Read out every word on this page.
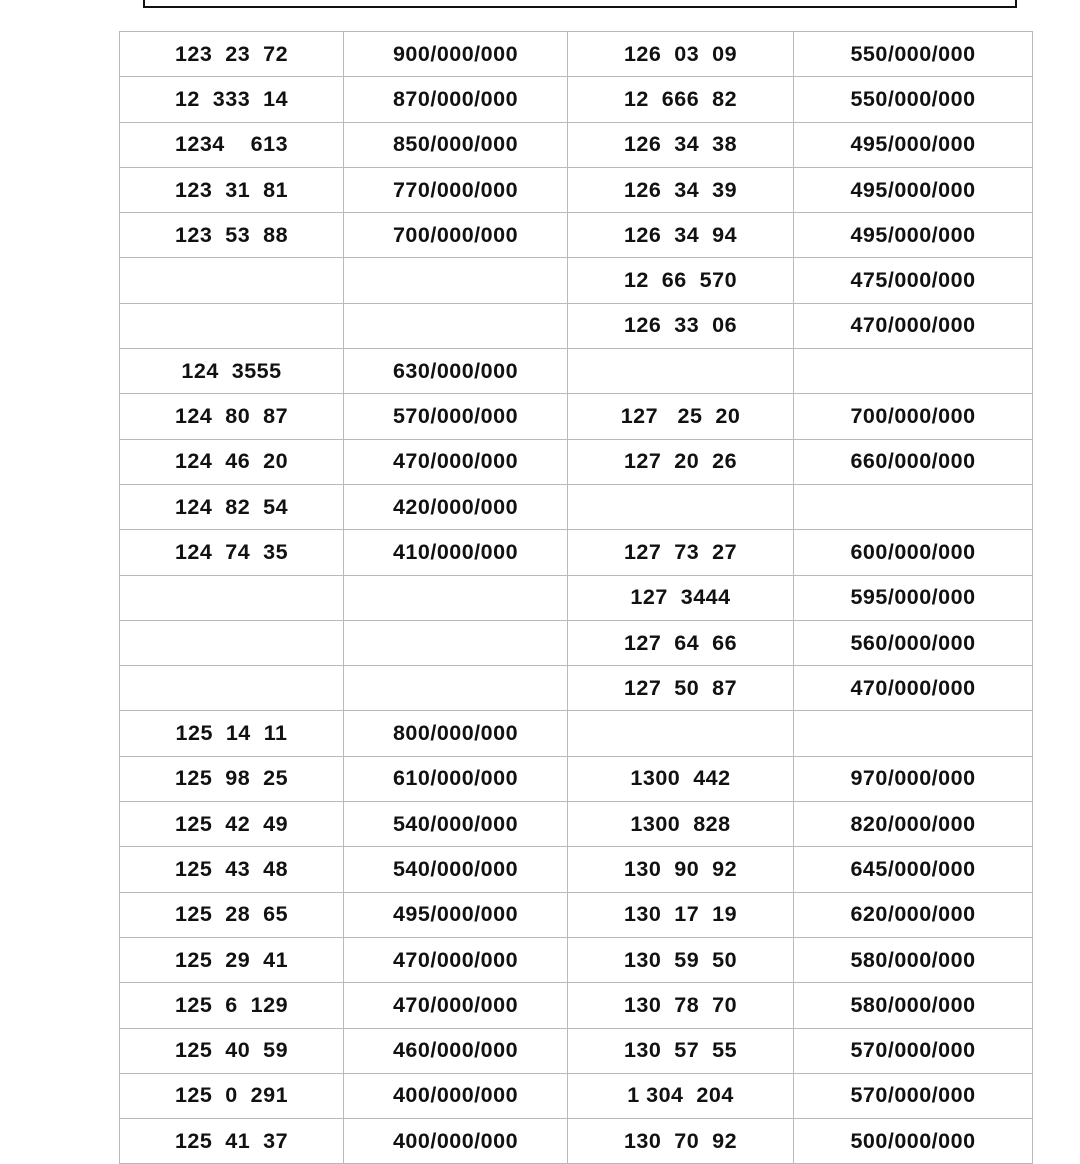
123  23  72	900/000/000	126  03  09	550/000/000
12  333  14	870/000/000	12  666  82	550/000/000
1234    613	850/000/000	126  34  38	495/000/000
123  31  81	770/000/000	126  34  39	495/000/000
123  53  88	700/000/000	126  34  94	495/000/000
		12  66  570	475/000/000
		126  33  06	470/000/000
124  3555	630/000/000		
124  80  87	570/000/000	127   25  20	700/000/000
124  46  20	470/000/000	127  20  26	660/000/000
124  82  54	420/000/000		
124  74  35	410/000/000	127  73  27	600/000/000
		127  3444	595/000/000
		127  64  66	560/000/000
		127  50  87	470/000/000
125  14  11	800/000/000		
125  98  25	610/000/000	1300  442	970/000/000
125  42  49	540/000/000	1300  828	820/000/000
125  43  48	540/000/000	130  90  92	645/000/000
125  28  65	495/000/000	130  17  19	620/000/000
125  29  41	470/000/000	130  59  50	580/000/000
125  6  129	470/000/000	130  78  70	580/000/000
125  40  59	460/000/000	130  57  55	570/000/000
125  0  291	400/000/000	1 304  204	570/000/000
125  41  37	400/000/000	130  70  92	500/000/000
